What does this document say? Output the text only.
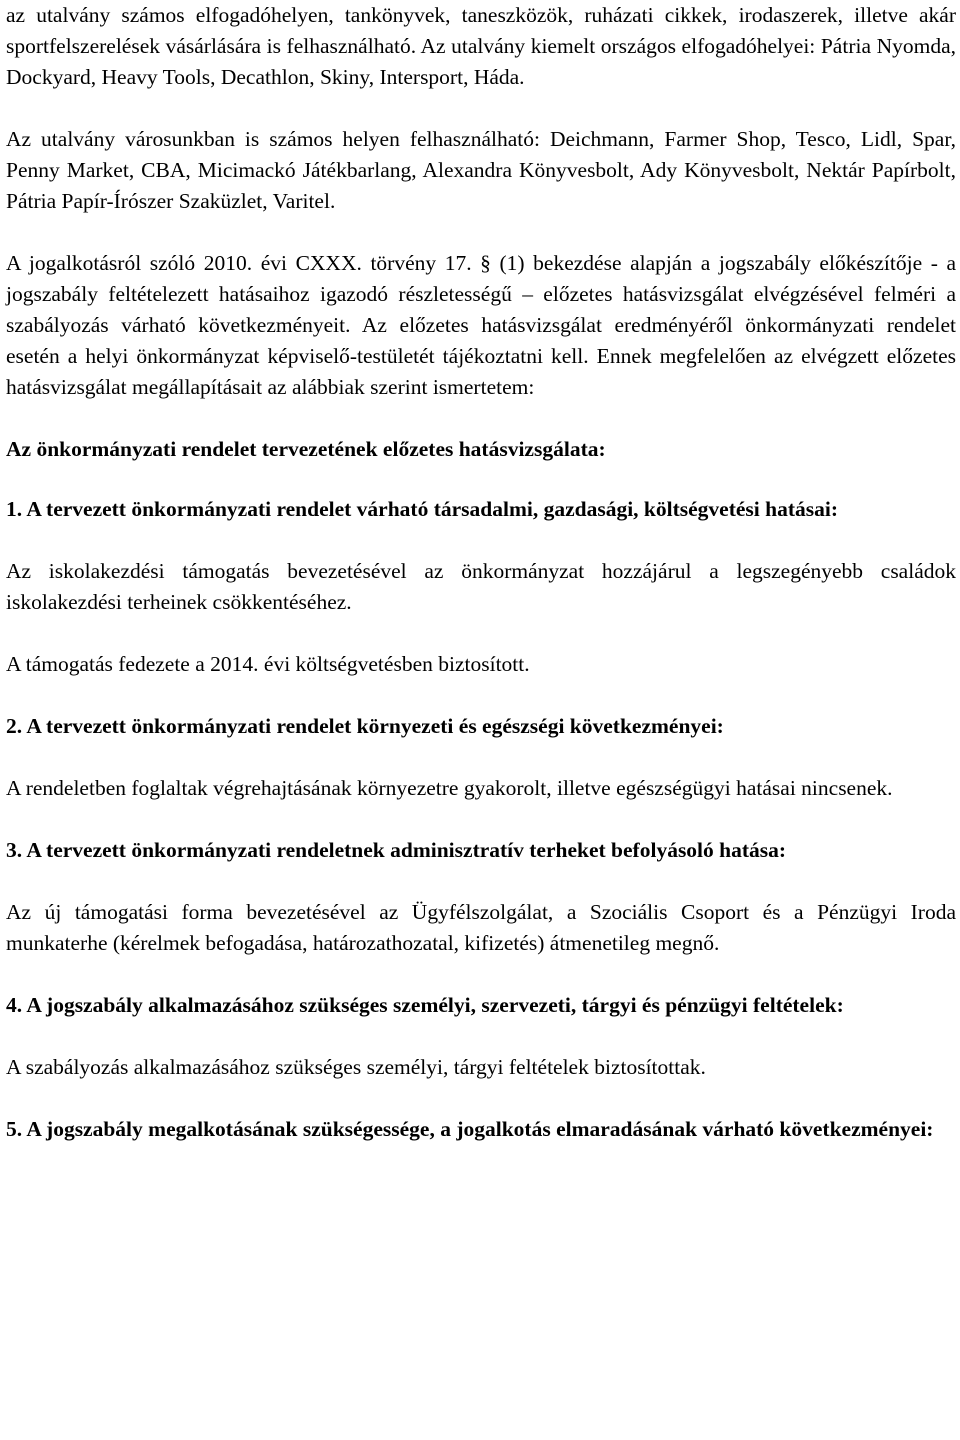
az utalvány számos elfogadóhelyen, tankönyvek, taneszközök, ruházati cikkek, irodaszerek, illetve akár sportfelszerelések vásárlására is felhasználható. Az utalvány kiemelt országos elfogadóhelyei: Pátria Nyomda, Dockyard, Heavy Tools, Decathlon, Skiny, Intersport, Háda.

Az utalvány városunkban is számos helyen felhasználható: Deichmann, Farmer Shop, Tesco, Lidl, Spar, Penny Market, CBA, Micimackó Játékbarlang, Alexandra Könyvesbolt, Ady Könyvesbolt, Nektár Papírbolt, Pátria Papír-Írószer Szaküzlet, Varitel.

A jogalkotásról szóló 2010. évi CXXX. törvény 17. § (1) bekezdése alapján a jogszabály előkészítője - a jogszabály feltételezett hatásaihoz igazodó részletességű – előzetes hatásvizsgálat elvégzésével felméri a szabályozás várható következményeit. Az előzetes hatásvizsgálat eredményéről önkormányzati rendelet esetén a helyi önkormányzat képviselő-testületét tájékoztatni kell. Ennek megfelelően az elvégzett előzetes hatásvizsgálat megállapításait az alábbiak szerint ismertetem:

Az önkormányzati rendelet tervezetének előzetes hatásvizsgálata:

1. A tervezett önkormányzati rendelet várható társadalmi, gazdasági, költségvetési hatásai:

Az iskolakezdési támogatás bevezetésével az önkormányzat hozzájárul a legszegényebb családok iskolakezdési terheinek csökkentéséhez.

A támogatás fedezete a 2014. évi költségvetésben biztosított.

2. A tervezett önkormányzati rendelet környezeti és egészségi következményei:

A rendeletben foglaltak végrehajtásának környezetre gyakorolt, illetve egészségügyi hatásai nincsenek.

3. A tervezett önkormányzati rendeletnek adminisztratív terheket befolyásoló hatása:

Az új támogatási forma bevezetésével az Ügyfélszolgálat, a Szociális Csoport és a Pénzügyi Iroda munkaterhe (kérelmek befogadása, határozathozatal, kifizetés) átmenetileg megnő.

4. A jogszabály alkalmazásához szükséges személyi, szervezeti, tárgyi és pénzügyi feltételek:

A szabályozás alkalmazásához szükséges személyi, tárgyi feltételek biztosítottak.

5. A jogszabály megalkotásának szükségessége, a jogalkotás elmaradásának várható következményei:
